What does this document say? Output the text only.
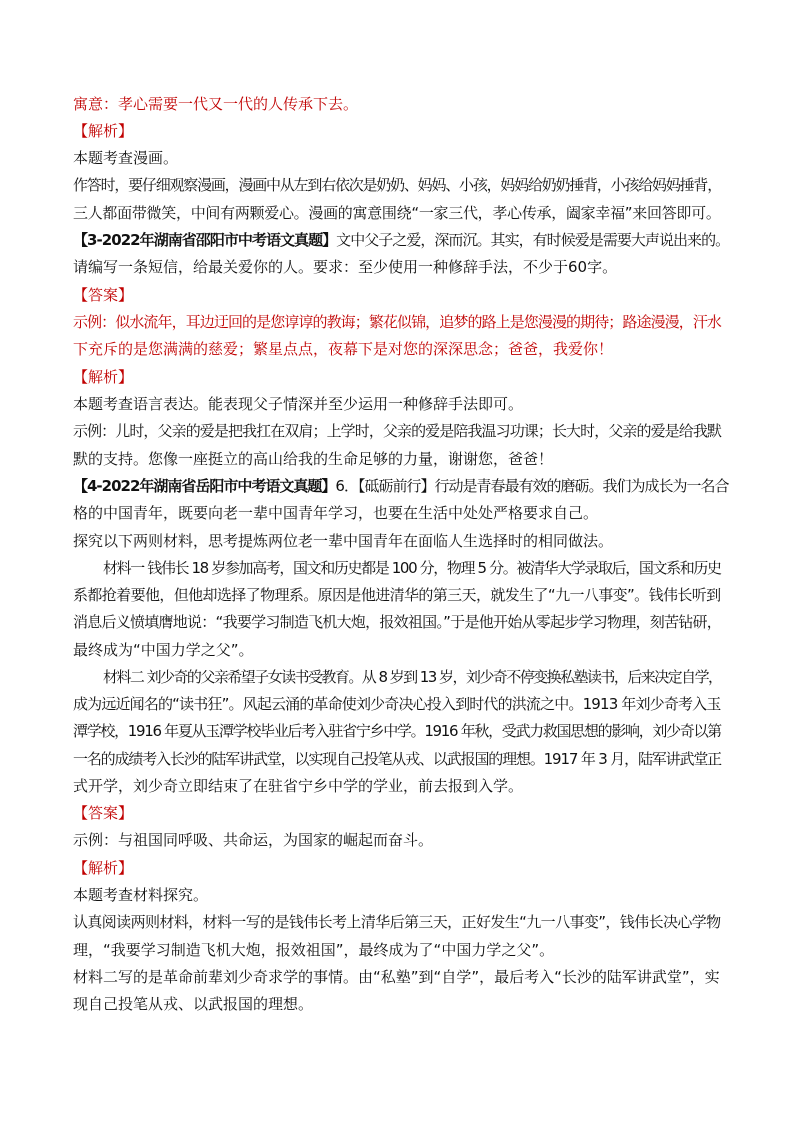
寓意：孝心需要一代又一代的人传承下去。
【解析】
本题考查漫画。
作答时，要仔细观察漫画，漫画中从左到右依次是奶奶、妈妈、小孩，妈妈给奶奶捶背，小孩给妈妈捶背，
三人都面带微笑，中间有两颗爱心。漫画的寓意围绕“一家三代，孝心传承，阖家幸福”来回答即可。
【3-2022年湖南省邵阳市中考语文真题】文中父子之爱，深而沉。其实，有时候爱是需要大声说出来的。
请编写一条短信，给最关爱你的人。要求：至少使用一种修辞手法，不少于60字。
【答案】
示例：似水流年，耳边迂回的是您谆谆的教诲；繁花似锦，追梦的路上是您漫漫的期待；路途漫漫，汗水
下充斥的是您满满的慈爱；繁星点点，夜幕下是对您的深深思念；爸爸，我爱你！
【解析】
本题考查语言表达。能表现父子情深并至少运用一种修辞手法即可。
示例：儿时，父亲的爱是把我扛在双肩；上学时，父亲的爱是陪我温习功课；长大时，父亲的爱是给我默
默的支持。您像一座挺立的高山给我的生命足够的力量，谢谢您，爸爸！
【4-2022年湖南省岳阳市中考语文真题】6．【砥砺前行】行动是青春最有效的磨砺。我们为成长为一名合
格的中国青年，既要向老一辈中国青年学习，也要在生活中处处严格要求自己。
探究以下两则材料，思考提炼两位老一辈中国青年在面临人生选择时的相同做法。
材料一 钱伟长 18 岁参加高考，国文和历史都是 100 分，物理 5 分。被清华大学录取后，国文系和历史
系都抢着要他，但他却选择了物理系。原因是他进清华的第三天，就发生了“九一八事变”。钱伟长听到
消息后义愤填膺地说：“我要学习制造飞机大炮，报效祖国。”于是他开始从零起步学习物理，刻苦钻研，
最终成为“中国力学之父”。
材料二 刘少奇的父亲希望子女读书受教育。从 8 岁到 13 岁，刘少奇不停变换私塾读书，后来决定自学，
成为远近闻名的“读书狂”。风起云涌的革命使刘少奇决心投入到时代的洪流之中。1913 年刘少奇考入玉
潭学校，1916 年夏从玉潭学校毕业后考入驻省宁乡中学。1916 年秋，受武力救国思想的影响，刘少奇以第
一名的成绩考入长沙的陆军讲武堂，以实现自己投笔从戎、以武报国的理想。1917 年 3 月，陆军讲武堂正
式开学，刘少奇立即结束了在驻省宁乡中学的学业，前去报到入学。
【答案】
示例：与祖国同呼吸、共命运，为国家的崛起而奋斗。
【解析】
本题考查材料探究。
认真阅读两则材料，材料一写的是钱伟长考上清华后第三天，正好发生“九一八事变”，钱伟长决心学物
理，“我要学习制造飞机大炮，报效祖国”，最终成为了“中国力学之父”。
材料二写的是革命前辈刘少奇求学的事情。由“私塾”到“自学”，最后考入“长沙的陆军讲武堂”，实
现自己投笔从戎、以武报国的理想。
